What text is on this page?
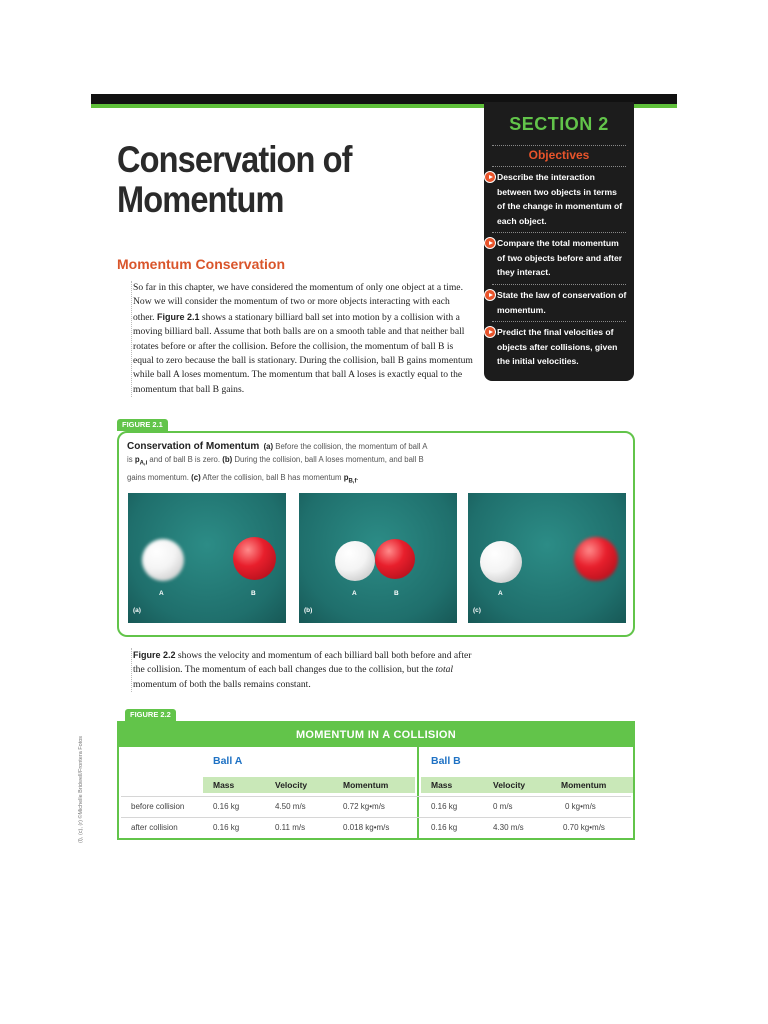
SECTION 2
Objectives
Describe the interaction between two objects in terms of the change in momentum of each object.
Compare the total momentum of two objects before and after they interact.
State the law of conservation of momentum.
Predict the final velocities of objects after collisions, given the initial velocities.
Conservation of
Momentum
Momentum Conservation
So far in this chapter, we have considered the momentum of only one object at a time. Now we will consider the momentum of two or more objects interacting with each other. Figure 2.1 shows a stationary billiard ball set into motion by a collision with a moving billiard ball. Assume that both balls are on a smooth table and that neither ball rotates before or after the collision. Before the collision, the momentum of ball B is equal to zero because the ball is stationary. During the collision, ball B gains momentum while ball A loses momentum. The momentum that ball A loses is exactly equal to the momentum that ball B gains.
FIGURE 2.1
Conservation of Momentum (a) Before the collision, the momentum of ball A is $p_{A,i}$ and of ball B is zero. (b) During the collision, ball A loses momentum, and ball B gains momentum. (c) After the collision, ball B has momentum $p_{B,f}$.
A	B
(a)
A	B
(b)
A
(c)
Figure 2.2 shows the velocity and momentum of each billiard ball both before and after the collision. The momentum of each ball changes due to the collision, but the total momentum of both the balls remains constant.
FIGURE 2.2
MOMENTUM IN A COLLISION
Ball A	Ball B
Mass	Velocity	Momentum	Mass	Velocity	Momentum
before collision	0.16 kg	4.50 m/s	0.72 kg•m/s	0.16 kg	0 m/s	0 kg•m/s
after collision	0.16 kg	0.11 m/s	0.018 kg•m/s	0.16 kg	4.30 m/s	0.70 kg•m/s
(l), (c), (r) ©Michelle Bridwell/Frontera Fotos
